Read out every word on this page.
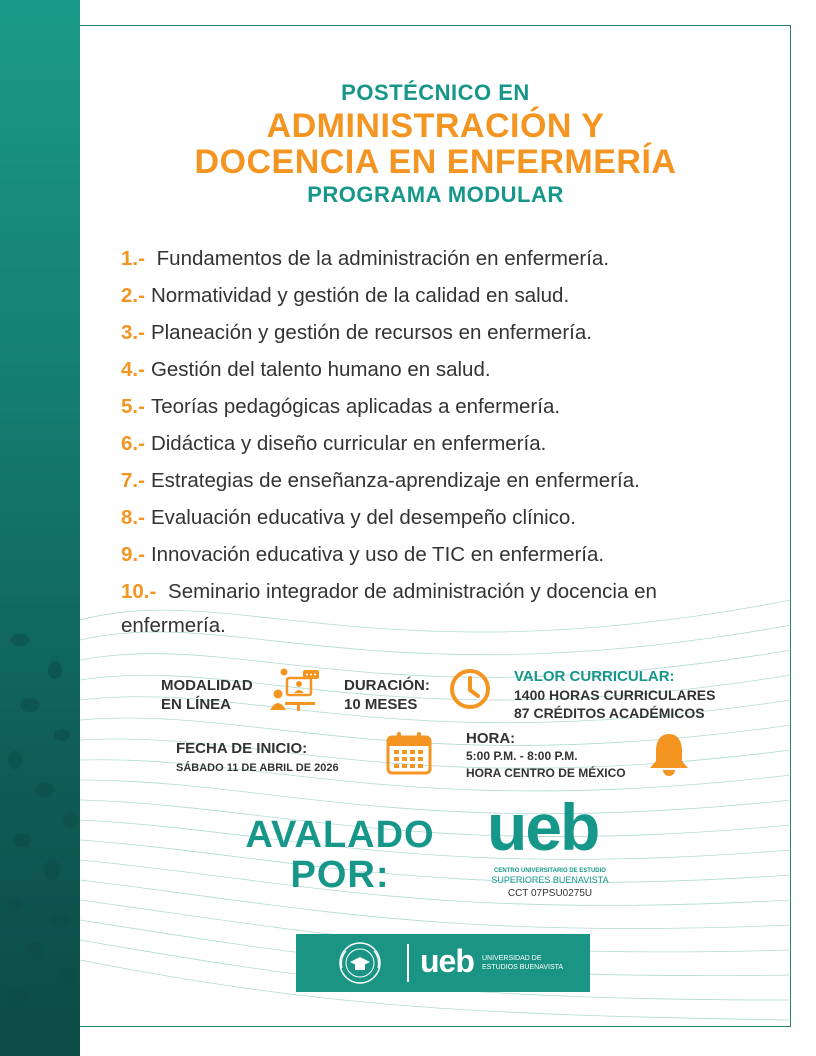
POSTÉCNICO EN
ADMINISTRACIÓN Y
DOCENCIA EN ENFERMERÍA
PROGRAMA MODULAR
1.- Fundamentos de la administración en enfermería.
2.- Normatividad y gestión de la calidad en salud.
3.- Planeación y gestión de recursos en enfermería.
4.- Gestión del talento humano en salud.
5.- Teorías pedagógicas aplicadas a enfermería.
6.- Didáctica y diseño curricular en enfermería.
7.- Estrategias de enseñanza-aprendizaje en enfermería.
8.- Evaluación educativa y del desempeño clínico.
9.- Innovación educativa y uso de TIC en enfermería.
10.- Seminario integrador de administración y docencia en enfermería.
MODALIDAD
EN LÍNEA
DURACIÓN:
10 MESES
VALOR CURRICULAR:
1400 HORAS CURRICULARES
87 CRÉDITOS ACADÉMICOS
FECHA DE INICIO:
SÁBADO 11 DE ABRIL DE 2026
HORA:
5:00 P.M. - 8:00 P.M.
HORA CENTRO DE MÉXICO
AVALADO
POR:
ueb
CENTRO UNIVERSITARIO DE ESTUDIO
SUPERIORES BUENAVISTA
CCT 07PSU0275U
ueb UNIVERSIDAD DE
ESTUDIOS BUENAVISTA
